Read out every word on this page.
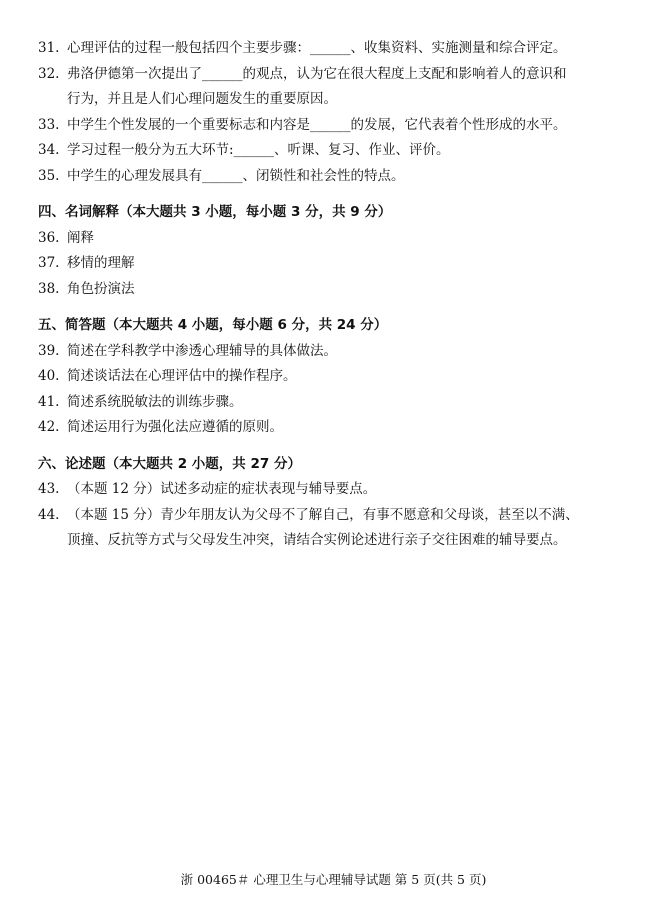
31. 心理评估的过程一般包括四个主要步骤：______、收集资料、实施测量和综合评定。
32. 弗洛伊德第一次提出了______的观点，认为它在很大程度上支配和影响着人的意识和
行为，并且是人们心理问题发生的重要原因。
33. 中学生个性发展的一个重要标志和内容是______的发展，它代表着个性形成的水平。
34. 学习过程一般分为五大环节:______、听课、复习、作业、评价。
35. 中学生的心理发展具有______、闭锁性和社会性的特点。
四、名词解释（本大题共 3 小题，每小题 3 分，共 9 分）
36. 阐释
37. 移情的理解
38. 角色扮演法
五、简答题（本大题共 4 小题，每小题 6 分，共 24 分）
39. 简述在学科教学中渗透心理辅导的具体做法。
40. 简述谈话法在心理评估中的操作程序。
41. 简述系统脱敏法的训练步骤。
42. 简述运用行为强化法应遵循的原则。
六、论述题（本大题共 2 小题，共 27 分）
43. （本题 12 分）试述多动症的症状表现与辅导要点。
44. （本题 15 分）青少年朋友认为父母不了解自己，有事不愿意和父母谈，甚至以不满、
顶撞、反抗等方式与父母发生冲突，请结合实例论述进行亲子交往困难的辅导要点。
浙 00465＃ 心理卫生与心理辅导试题 第 5 页(共 5 页)
